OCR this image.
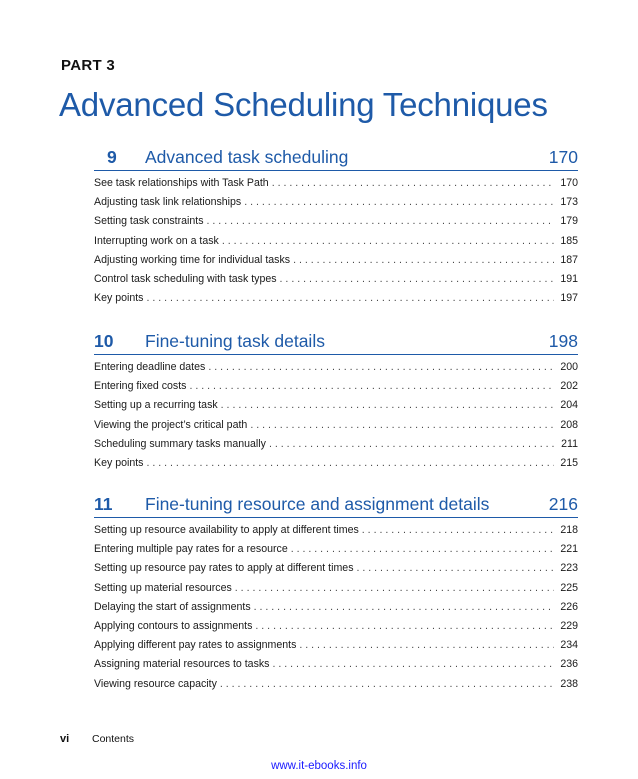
PART 3
Advanced Scheduling Techniques
9	Advanced task scheduling	170
See task relationships with Task Path . . .	170
Adjusting task link relationships . . .	173
Setting task constraints . . .	179
Interrupting work on a task . . .	185
Adjusting working time for individual tasks . . .	187
Control task scheduling with task types . . .	191
Key points . . .	197
10	Fine-tuning task details	198
Entering deadline dates . . .	200
Entering fixed costs . . .	202
Setting up a recurring task . . .	204
Viewing the project’s critical path . . .	208
Scheduling summary tasks manually . . .	211
Key points . . .	215
11	Fine-tuning resource and assignment details	216
Setting up resource availability to apply at different times . . .	218
Entering multiple pay rates for a resource . . .	221
Setting up resource pay rates to apply at different times . . .	223
Setting up material resources . . .	225
Delaying the start of assignments . . .	226
Applying contours to assignments . . .	229
Applying different pay rates to assignments . . .	234
Assigning material resources to tasks . . .	236
Viewing resource capacity . . .	238
vi Contents
www.it-ebooks.info
